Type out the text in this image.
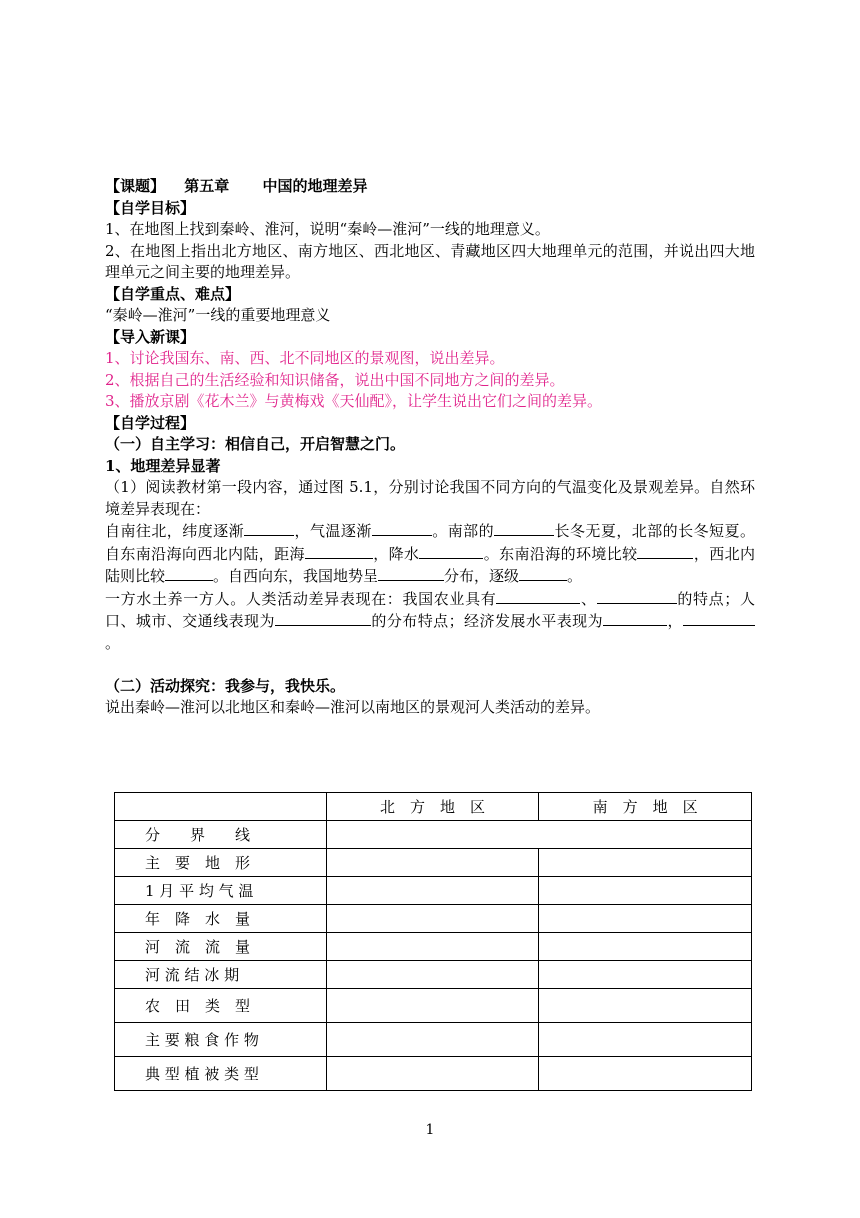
【课题】 第五章 中国的地理差异
【自学目标】
1、在地图上找到秦岭、淮河，说明“秦岭—淮河”一线的地理意义。
2、在地图上指出北方地区、南方地区、西北地区、青藏地区四大地理单元的范围，并说出四大地理单元之间主要的地理差异。
【自学重点、难点】
“秦岭—淮河”一线的重要地理意义
【导入新课】
1、讨论我国东、南、西、北不同地区的景观图，说出差异。
2、根据自己的生活经验和知识储备，说出中国不同地方之间的差异。
3、播放京剧《花木兰》与黄梅戏《天仙配》，让学生说出它们之间的差异。
【自学过程】
（一）自主学习：相信自己，开启智慧之门。
1、地理差异显著
（1）阅读教材第一段内容，通过图 5.1，分别讨论我国不同方向的气温变化及景观差异。自然环境差异表现在：
自南往北，纬度逐渐	，气温逐渐	。南部的	长冬无夏，北部的长冬短夏。自东南沿海向西北内陆，距海	，降水	。东南沿海的环境比较	，西北内陆则比较	。自西向东，我国地势呈	分布，逐级	。
一方水土养一方人。人类活动差异表现在：我国农业具有	、	的特点；人口、城市、交通线表现为	的分布特点；经济发展水平表现为	，。
（二）活动探究：我参与，我快乐。
说出秦岭—淮河以北地区和秦岭—淮河以南地区的景观河人类活动的差异。
	北　方　地　区	南　方　地　区
分　　界　　线		
主　要　地　形		
1 月 平 均 气 温		
年　降　水　量		
河　流　流　量		
河 流 结 冰 期		
农　田　类　型		
主 要 粮 食 作 物		
典 型 植 被 类 型		
1
